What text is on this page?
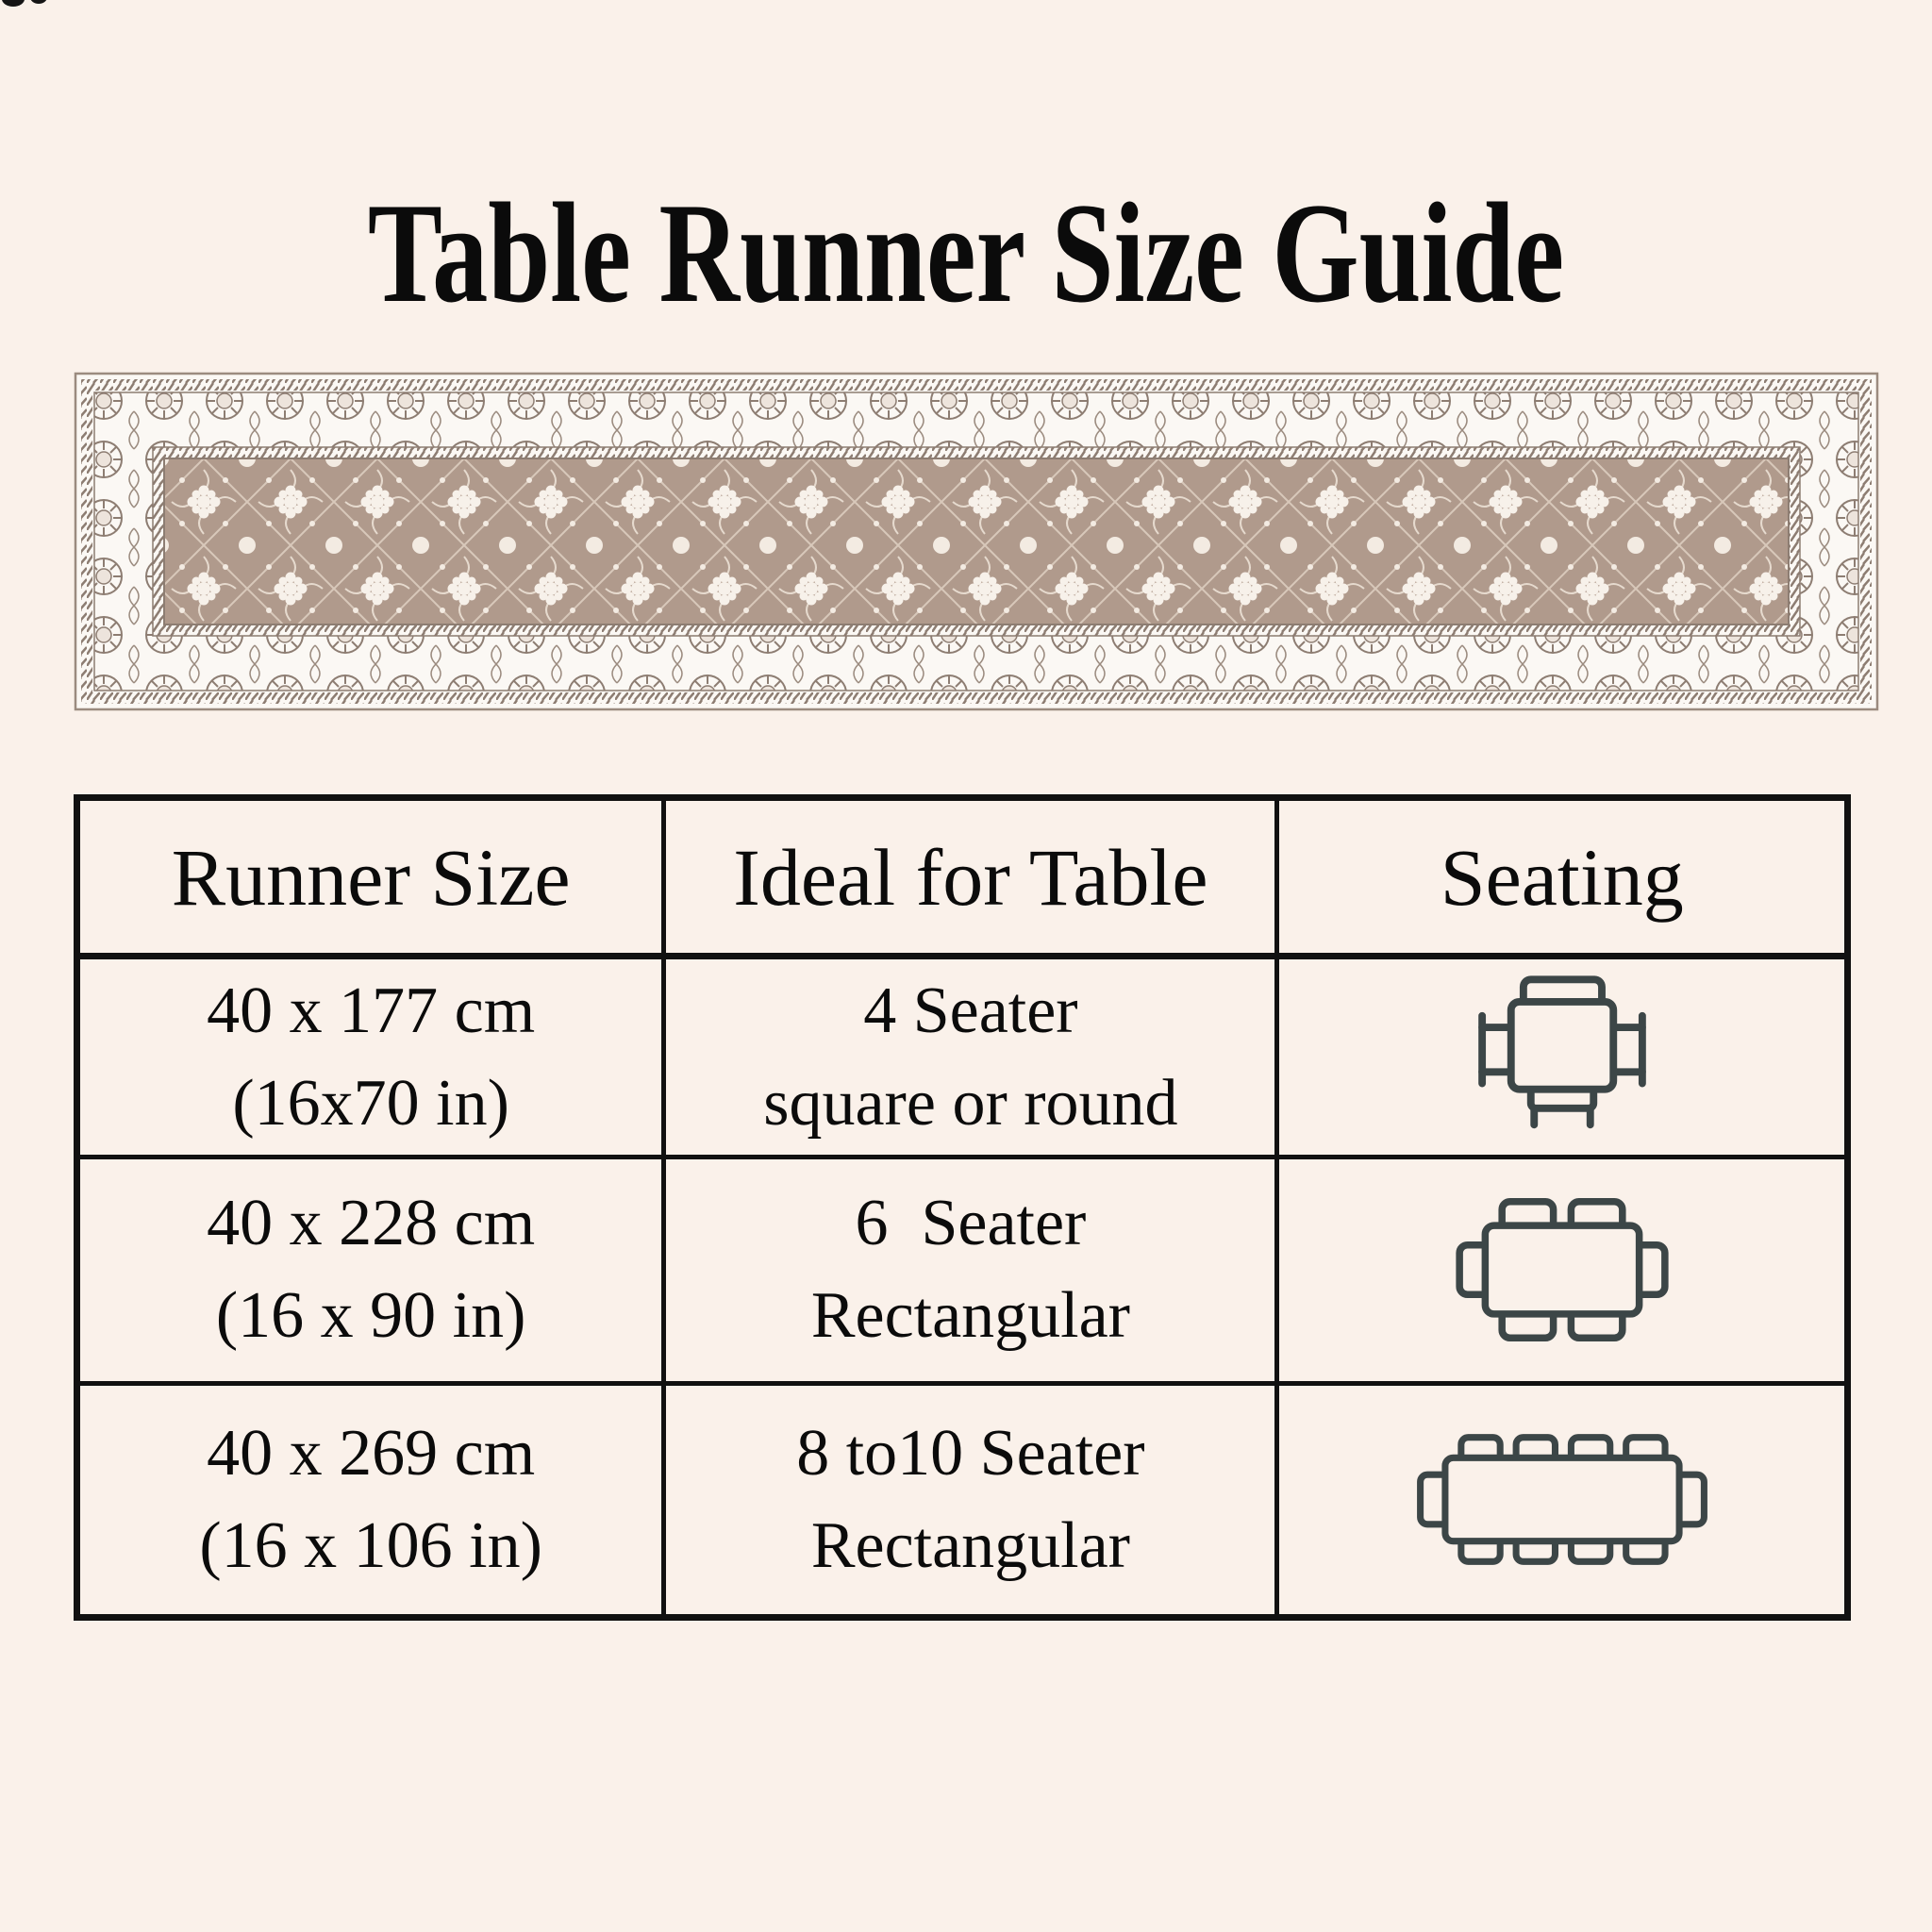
Table Runner Size Guide
Runner Size Ideal for Table	Seating
40 x 177 cm
(16x70 in)
4 Seater
square or round
40 x 228 cm
(16 x 90 in)
6  Seater
Rectangular
40 x 269 cm
(16 x 106 in)
8 to10 Seater
Rectangular
